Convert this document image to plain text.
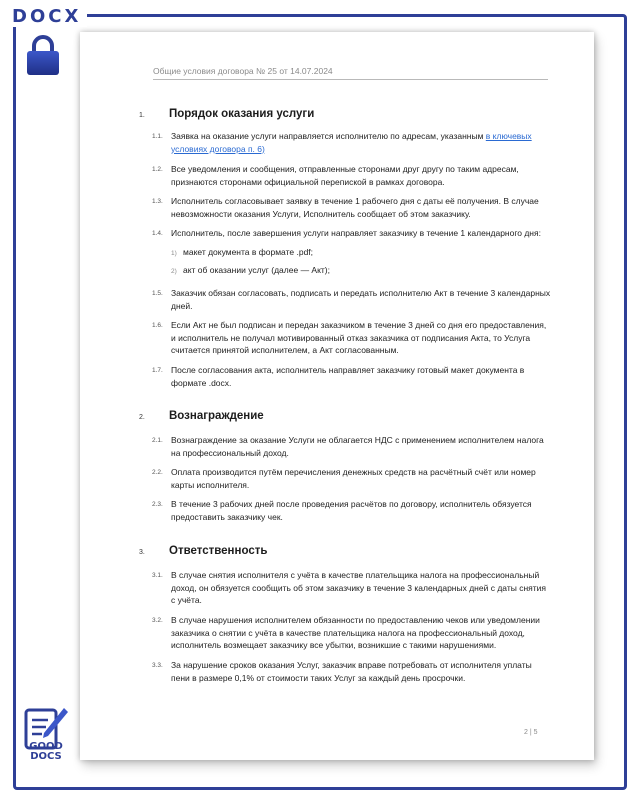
DOCX
GOOD
DOCS
Общие условия договора № 25 от 14.07.2024
1. Порядок оказания услуги
1.1. Заявка на оказание услуги направляется исполнителю по адресам, указанным в ключевых условиях договора п. 6)
1.2. Все уведомления и сообщения, отправленные сторонами друг другу по таким адресам, признаются сторонами официальной перепиской в рамках договора.
1.3. Исполнитель согласовывает заявку в течение 1 рабочего дня с даты её получения. В случае невозможности оказания Услуги, Исполнитель сообщает об этом заказчику.
1.4. Исполнитель, после завершения услуги направляет заказчику в течение 1 календарного дня:
1) макет документа в формате .pdf;
2) акт об оказании услуг (далее — Акт);
1.5. Заказчик обязан согласовать, подписать и передать исполнителю Акт в течение 3 календарных дней.
1.6. Если Акт не был подписан и передан заказчиком в течение 3 дней со дня его предоставления, и исполнитель не получал мотивированный отказ заказчика от подписания Акта, то Услуга считается принятой исполнителем, а Акт согласованным.
1.7. После согласования акта, исполнитель направляет заказчику готовый макет документа в формате .docx.
2. Вознаграждение
2.1. Вознаграждение за оказание Услуги не облагается НДС с применением исполнителем налога на профессиональный доход.
2.2. Оплата производится путём перечисления денежных средств на расчётный счёт или номер карты исполнителя.
2.3. В течение 3 рабочих дней после проведения расчётов по договору, исполнитель обязуется предоставить заказчику чек.
3. Ответственность
3.1. В случае снятия исполнителя с учёта в качестве плательщика налога на профессиональный доход, он обязуется сообщить об этом заказчику в течение 3 календарных дней с даты снятия с учёта.
3.2. В случае нарушения исполнителем обязанности по предоставлению чеков или уведомлении заказчика о снятии с учёта в качестве плательщика налога на профессиональный доход, исполнитель возмещает заказчику все убытки, возникшие с такими нарушениями.
3.3. За нарушение сроков оказания Услуг, заказчик вправе потребовать от исполнителя уплаты пени в размере 0,1% от стоимости таких Услуг за каждый день просрочки.
2 | 5
